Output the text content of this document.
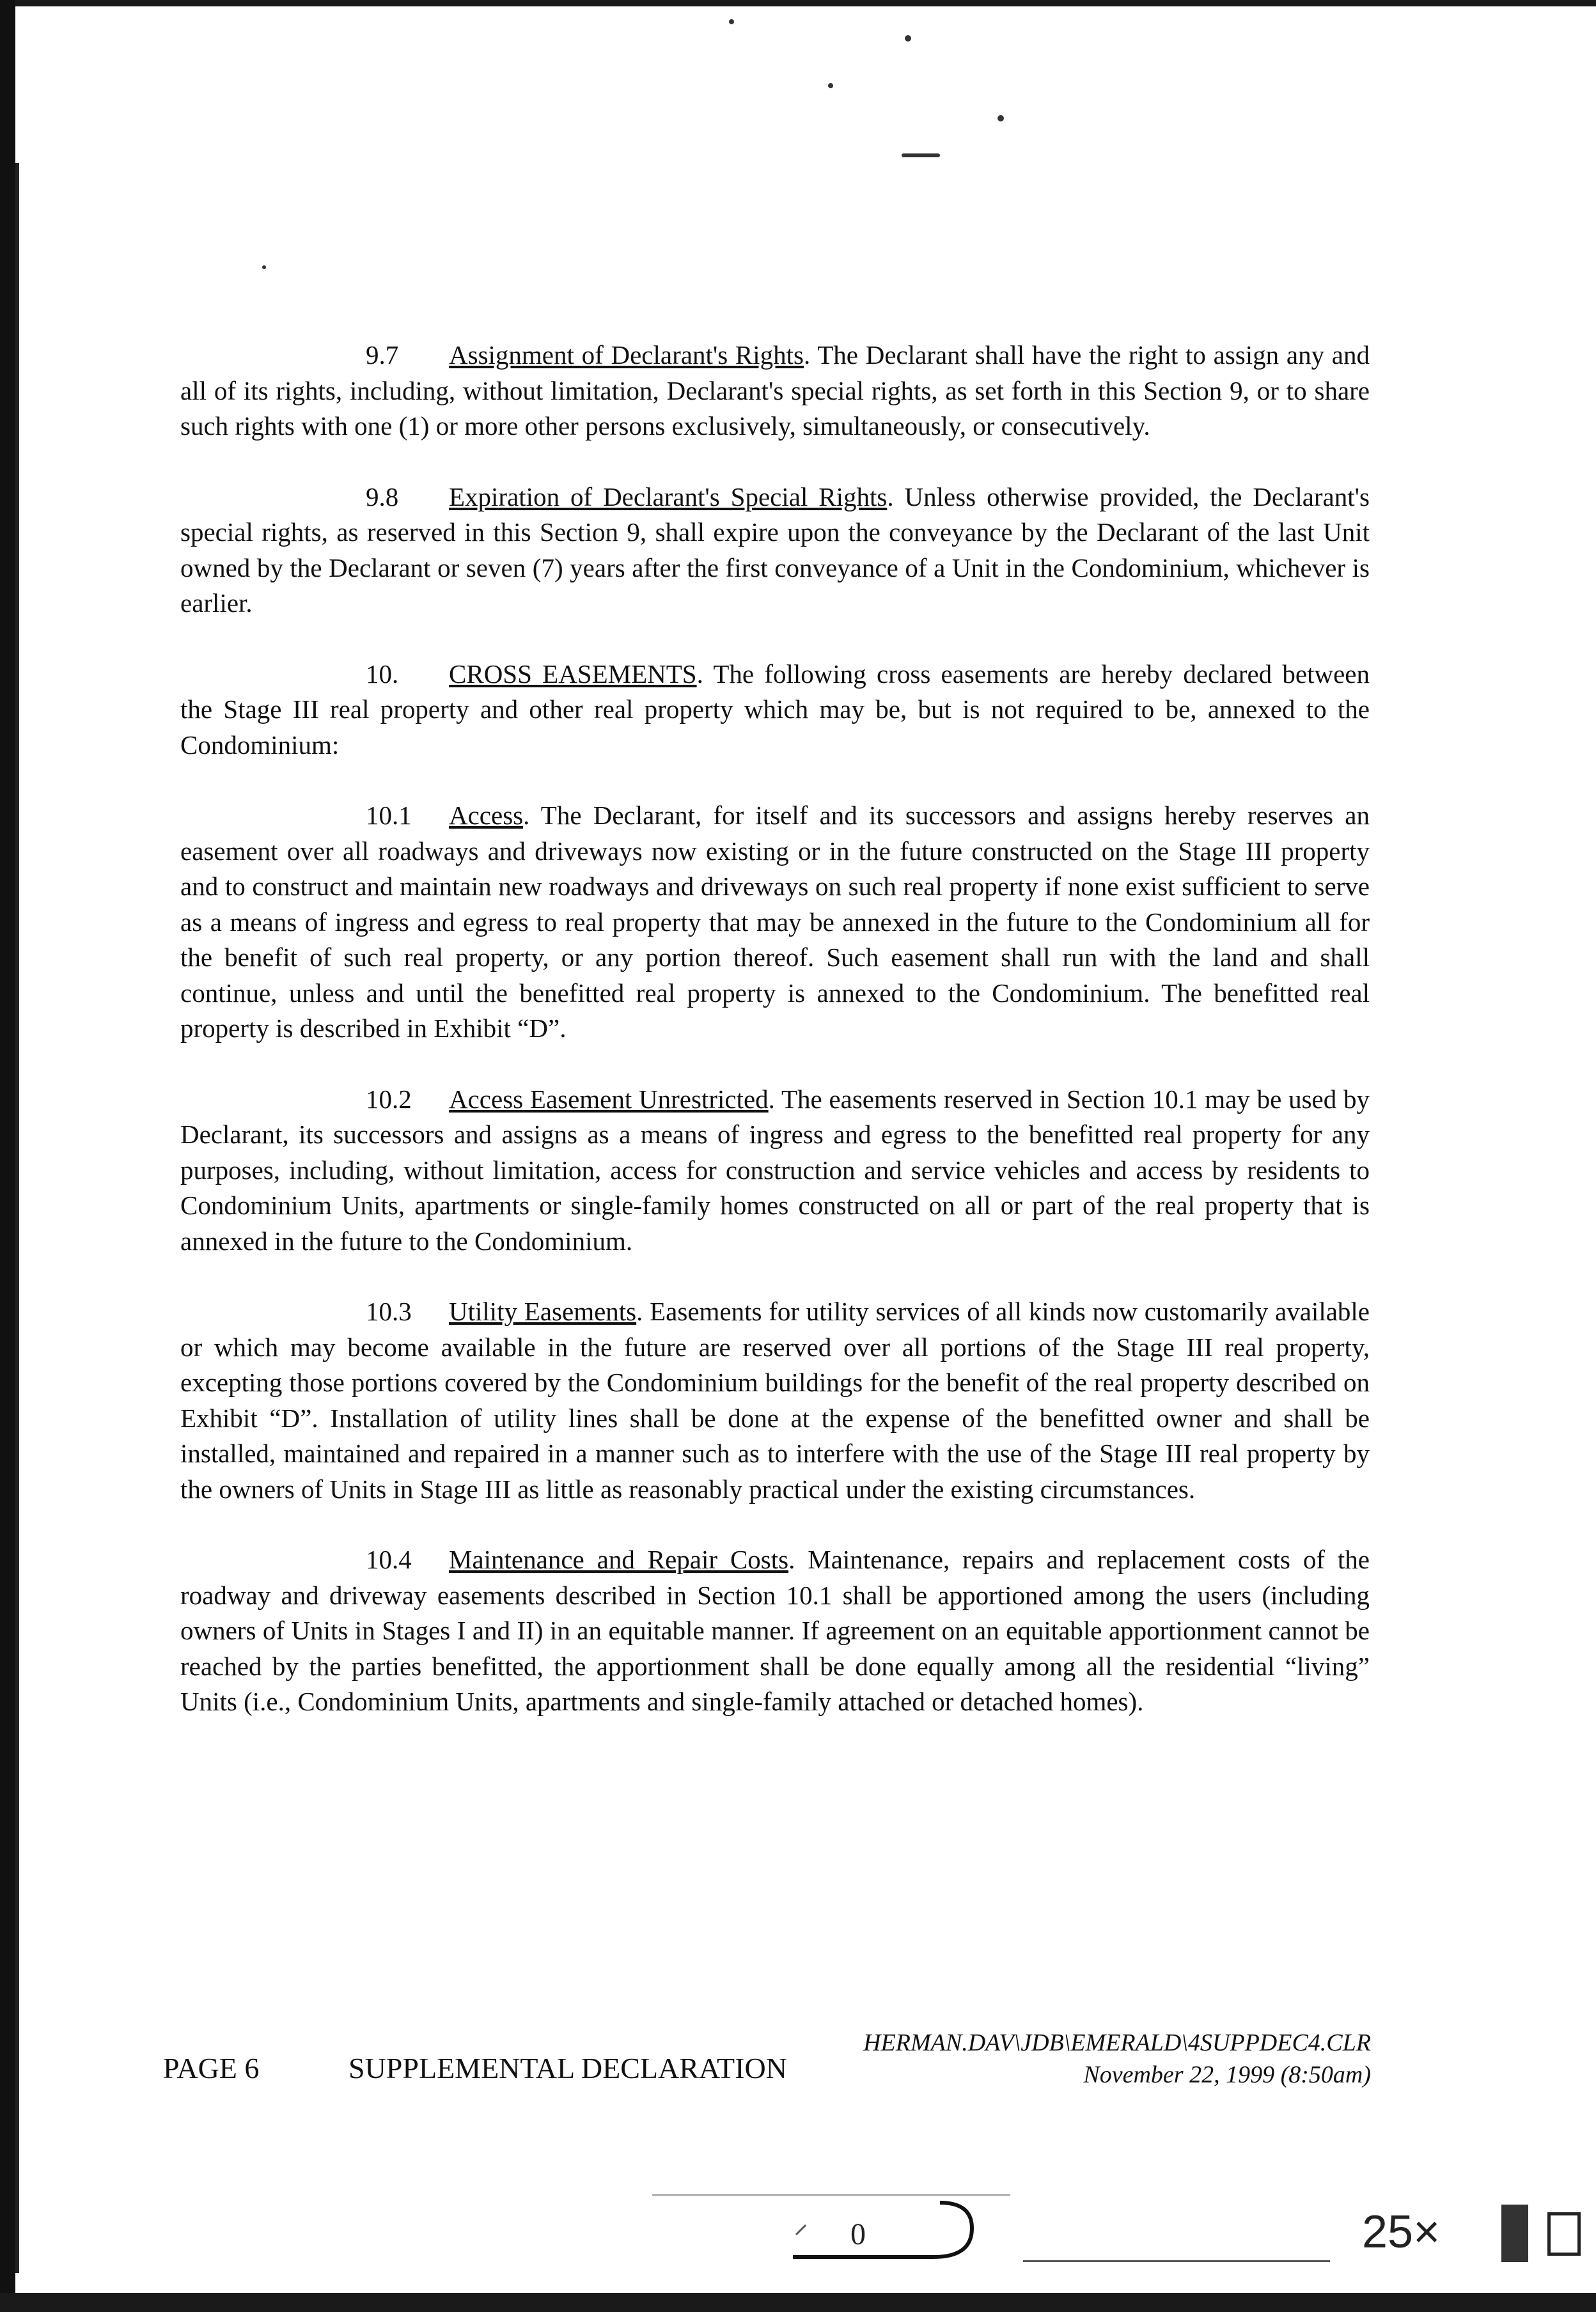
9.7 Assignment of Declarant's Rights. The Declarant shall have the right to assign any and all of its rights, including, without limitation, Declarant's special rights, as set forth in this Section 9, or to share such rights with one (1) or more other persons exclusively, simultaneously, or consecutively.

9.8 Expiration of Declarant's Special Rights. Unless otherwise provided, the Declarant's special rights, as reserved in this Section 9, shall expire upon the conveyance by the Declarant of the last Unit owned by the Declarant or seven (7) years after the first conveyance of a Unit in the Condominium, whichever is earlier.

10. CROSS EASEMENTS. The following cross easements are hereby declared between the Stage III real property and other real property which may be, but is not required to be, annexed to the Condominium:

10.1 Access. The Declarant, for itself and its successors and assigns hereby reserves an easement over all roadways and driveways now existing or in the future constructed on the Stage III property and to construct and maintain new roadways and driveways on such real property if none exist sufficient to serve as a means of ingress and egress to real property that may be annexed in the future to the Condominium all for the benefit of such real property, or any portion thereof. Such easement shall run with the land and shall continue, unless and until the benefitted real property is annexed to the Condominium. The benefitted real property is described in Exhibit “D”.

10.2 Access Easement Unrestricted. The easements reserved in Section 10.1 may be used by Declarant, its successors and assigns as a means of ingress and egress to the benefitted real property for any purposes, including, without limitation, access for construction and service vehicles and access by residents to Condominium Units, apartments or single-family homes constructed on all or part of the real property that is annexed in the future to the Condominium.

10.3 Utility Easements. Easements for utility services of all kinds now customarily available or which may become available in the future are reserved over all portions of the Stage III real property, excepting those portions covered by the Condominium buildings for the benefit of the real property described on Exhibit “D”. Installation of utility lines shall be done at the expense of the benefitted owner and shall be installed, maintained and repaired in a manner such as to interfere with the use of the Stage III real property by the owners of Units in Stage III as little as reasonably practical under the existing circumstances.

10.4 Maintenance and Repair Costs. Maintenance, repairs and replacement costs of the roadway and driveway easements described in Section 10.1 shall be apportioned among the users (including owners of Units in Stages I and II) in an equitable manner. If agreement on an equitable apportionment cannot be reached by the parties benefitted, the apportionment shall be done equally among all the residential “living” Units (i.e., Condominium Units, apartments and single-family attached or detached homes).

HERMAN.DAV\JDB\EMERALD\4SUPPDEC4.CLR
November 22, 1999 (8:50am)
PAGE 6	SUPPLEMENTAL DECLARATION
0	25×
